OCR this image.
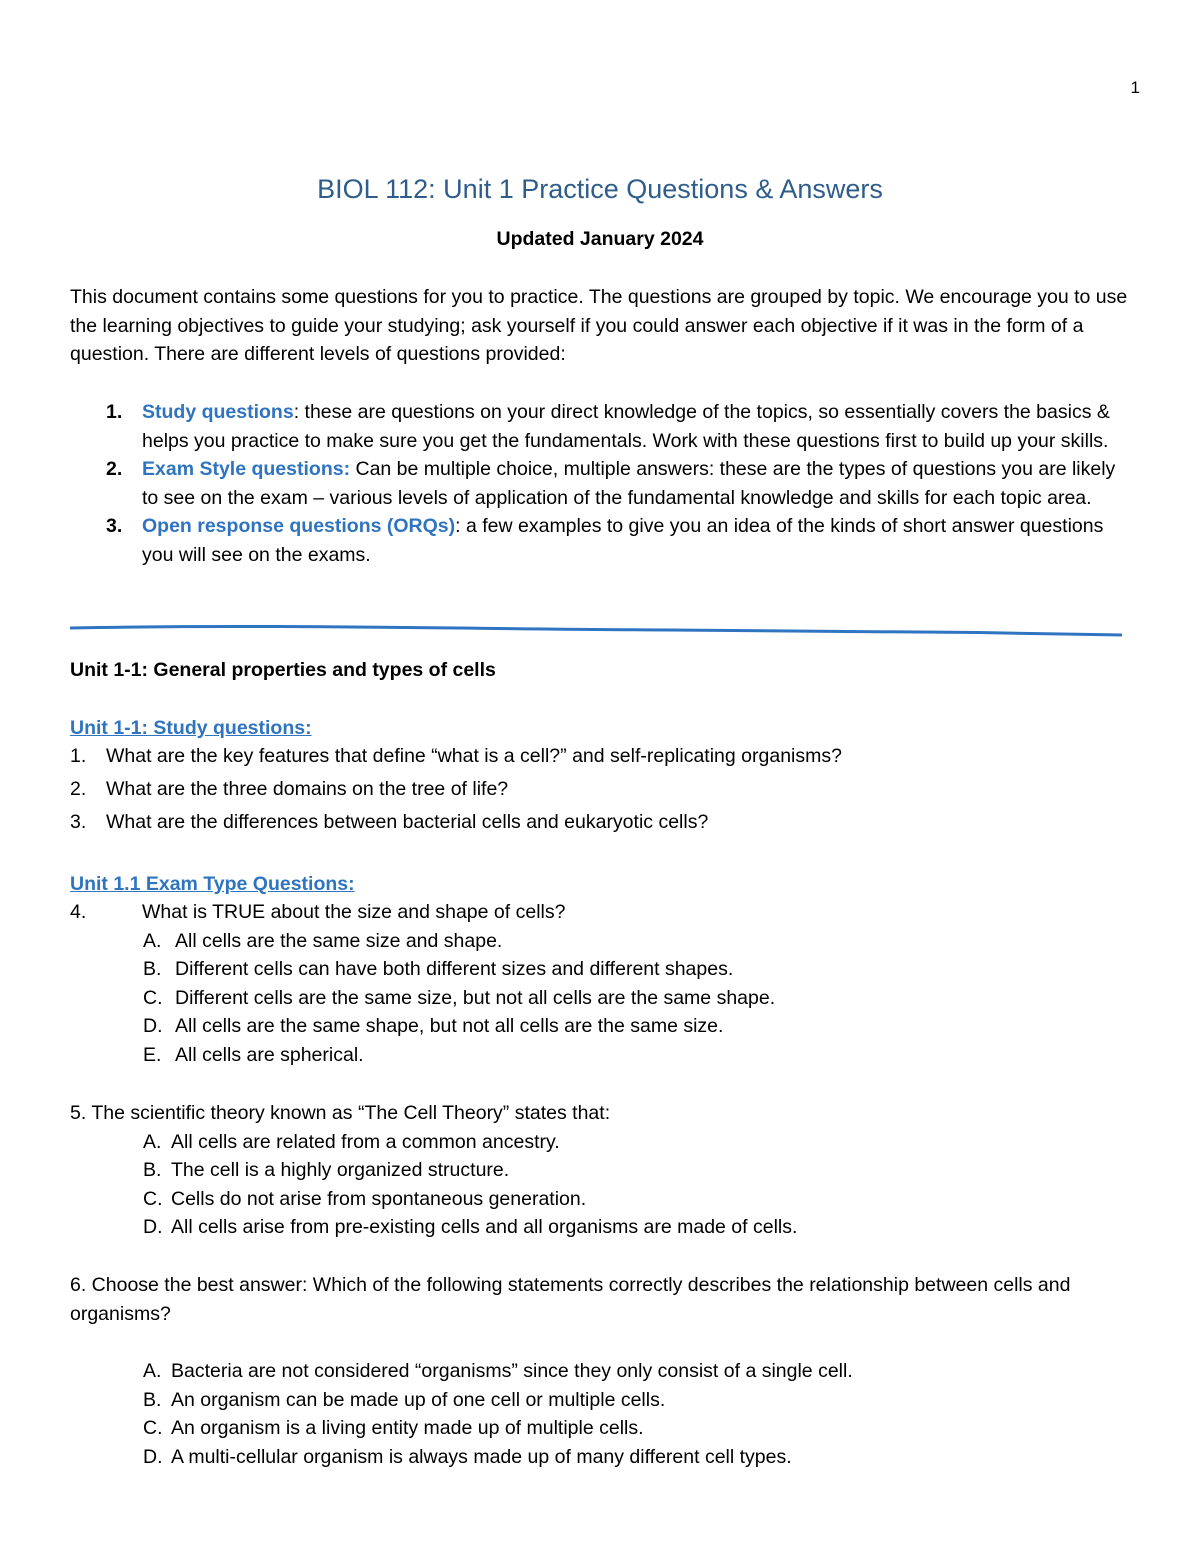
1
BIOL 112: Unit 1 Practice Questions & Answers
Updated January 2024
This document contains some questions for you to practice. The questions are grouped by topic. We encourage you to use the learning objectives to guide your studying; ask yourself if you could answer each objective if it was in the form of a question. There are different levels of questions provided:
1. Study questions: these are questions on your direct knowledge of the topics, so essentially covers the basics & helps you practice to make sure you get the fundamentals. Work with these questions first to build up your skills.
2. Exam Style questions: Can be multiple choice, multiple answers: these are the types of questions you are likely to see on the exam – various levels of application of the fundamental knowledge and skills for each topic area.
3. Open response questions (ORQs): a few examples to give you an idea of the kinds of short answer questions you will see on the exams.
Unit 1-1: General properties and types of cells
Unit 1-1: Study questions:
1. What are the key features that define “what is a cell?” and self-replicating organisms?
2. What are the three domains on the tree of life?
3. What are the differences between bacterial cells and eukaryotic cells?
Unit 1.1 Exam Type Questions:
4.	What is TRUE about the size and shape of cells?
A. All cells are the same size and shape.
B. Different cells can have both different sizes and different shapes.
C. Different cells are the same size, but not all cells are the same shape.
D. All cells are the same shape, but not all cells are the same size.
E. All cells are spherical.
5. The scientific theory known as “The Cell Theory” states that:
A. All cells are related from a common ancestry.
B. The cell is a highly organized structure.
C. Cells do not arise from spontaneous generation.
D. All cells arise from pre-existing cells and all organisms are made of cells.
6. Choose the best answer: Which of the following statements correctly describes the relationship between cells and organisms?
A. Bacteria are not considered “organisms” since they only consist of a single cell.
B. An organism can be made up of one cell or multiple cells.
C. An organism is a living entity made up of multiple cells.
D. A multi-cellular organism is always made up of many different cell types.
